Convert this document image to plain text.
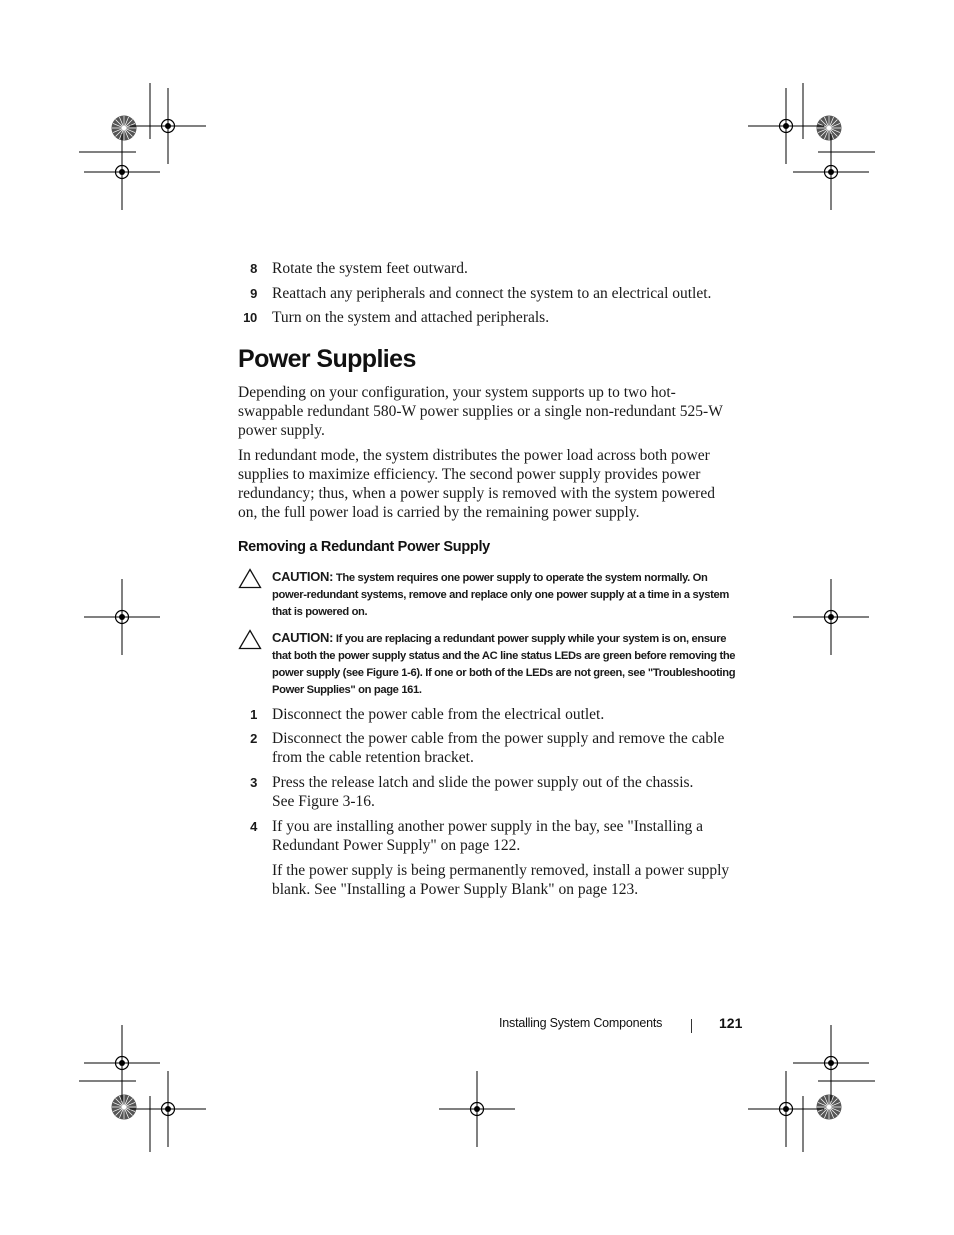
8 Rotate the system feet outward.
9 Reattach any peripherals and connect the system to an electrical outlet.
10 Turn on the system and attached peripherals.
Power Supplies
Depending on your configuration, your system supports up to two hot-swappable redundant 580-W power supplies or a single non-redundant 525-W power supply.
In redundant mode, the system distributes the power load across both power supplies to maximize efficiency. The second power supply provides power redundancy; thus, when a power supply is removed with the system powered on, the full power load is carried by the remaining power supply.
Removing a Redundant Power Supply
CAUTION: The system requires one power supply to operate the system normally. On power-redundant systems, remove and replace only one power supply at a time in a system that is powered on.
CAUTION: If you are replacing a redundant power supply while your system is on, ensure that both the power supply status and the AC line status LEDs are green before removing the power supply (see Figure 1-6). If one or both of the LEDs are not green, see "Troubleshooting Power Supplies" on page 161.
1 Disconnect the power cable from the electrical outlet.
2 Disconnect the power cable from the power supply and remove the cable from the cable retention bracket.
3 Press the release latch and slide the power supply out of the chassis.
See Figure 3-16.
4 If you are installing another power supply in the bay, see "Installing a Redundant Power Supply" on page 122.
If the power supply is being permanently removed, install a power supply blank. See "Installing a Power Supply Blank" on page 123.
Installing System Components	121
